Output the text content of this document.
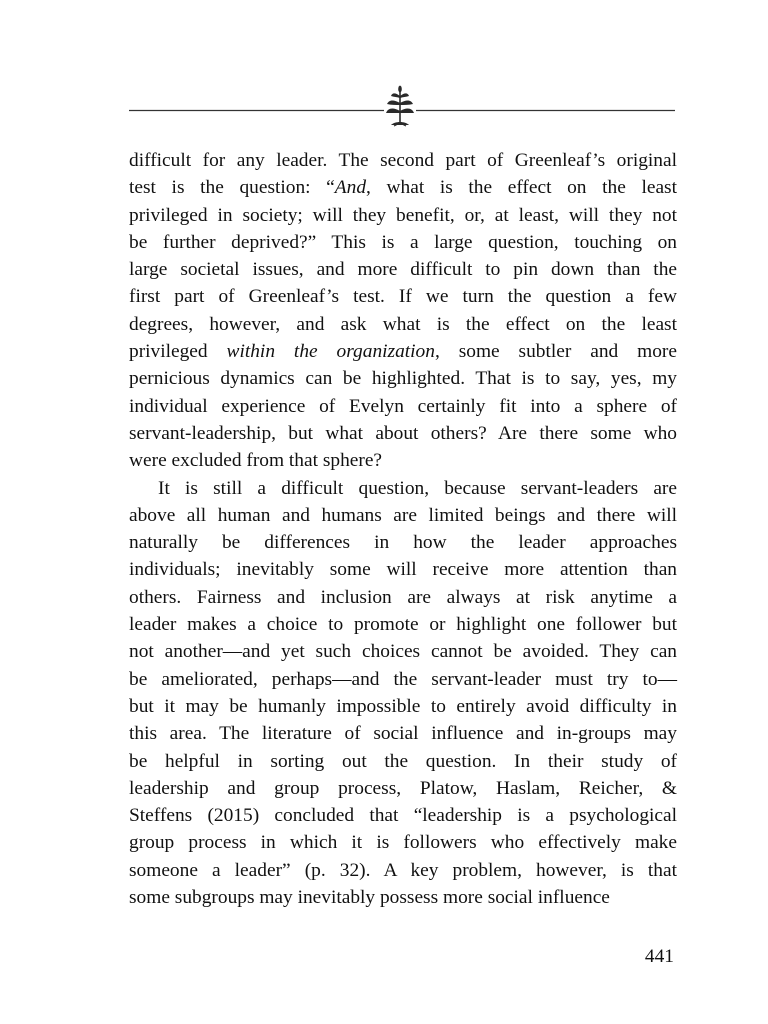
difficult for any leader. The second part of Greenleaf’s original
test is the question: “And, what is the effect on the least
privileged in society; will they benefit, or, at least, will they not
be further deprived?” This is a large question, touching on
large societal issues, and more difficult to pin down than the
first part of Greenleaf’s test. If we turn the question a few
degrees, however, and ask what is the effect on the least
privileged within the organization, some subtler and more
pernicious dynamics can be highlighted. That is to say, yes, my
individual experience of Evelyn certainly fit into a sphere of
servant-leadership, but what about others? Are there some who
were excluded from that sphere?
It is still a difficult question, because servant-leaders are
above all human and humans are limited beings and there will
naturally be differences in how the leader approaches
individuals; inevitably some will receive more attention than
others. Fairness and inclusion are always at risk anytime a
leader makes a choice to promote or highlight one follower but
not another—and yet such choices cannot be avoided. They can
be ameliorated, perhaps—and the servant-leader must try to—
but it may be humanly impossible to entirely avoid difficulty in
this area. The literature of social influence and in-groups may
be helpful in sorting out the question. In their study of
leadership and group process, Platow, Haslam, Reicher, &
Steffens (2015) concluded that “leadership is a psychological
group process in which it is followers who effectively make
someone a leader” (p. 32). A key problem, however, is that
some subgroups may inevitably possess more social influence
441
